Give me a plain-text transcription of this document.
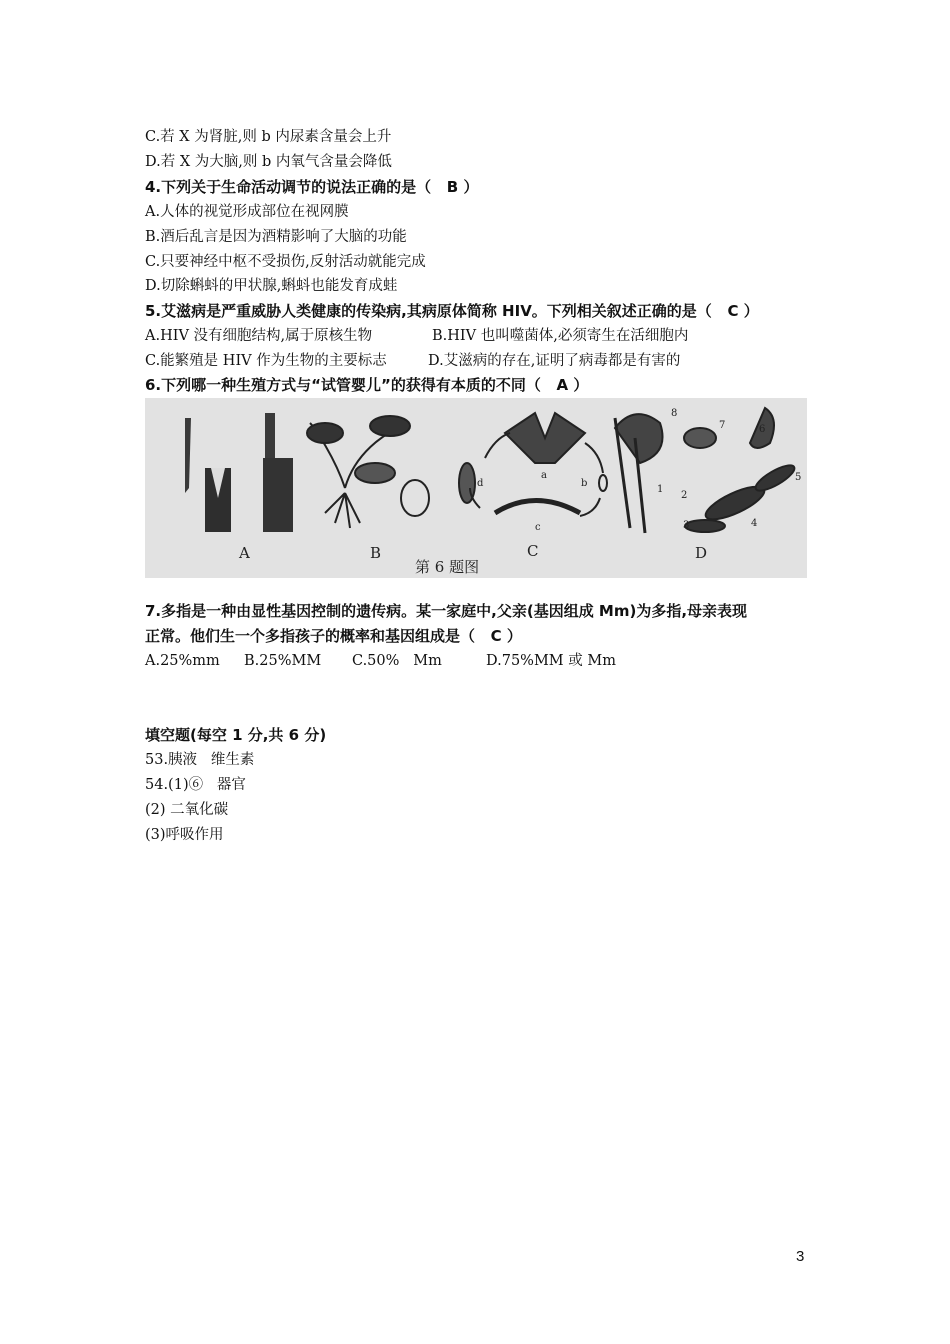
C.若 X 为肾脏,则 b 内尿素含量会上升
D.若 X 为大脑,则 b 内氧气含量会降低
4.下列关于生命活动调节的说法正确的是（   B ）
A.人体的视觉形成部位在视网膜
B.酒后乱言是因为酒精影响了大脑的功能
C.只要神经中枢不受损伤,反射活动就能完成
D.切除蝌蚪的甲状腺,蝌蚪也能发育成蛙
5.艾滋病是严重威胁人类健康的传染病,其病原体简称 HIV。下列相关叙述正确的是（   C ）
A.HIV 没有细胞结构,属于原核生物	B.HIV 也叫噬菌体,必须寄生在活细胞内
C.能繁殖是 HIV 作为生物的主要标志	D.艾滋病的存在,证明了病毒都是有害的
6.下列哪一种生殖方式与“试管婴儿”的获得有本质的不同（   A ）
A	B	C
a
b
c
d
D
1
2
3	4
5
6
7
8
第 6 题图
7.多指是一种由显性基因控制的遗传病。某一家庭中,父亲(基因组成 Mm)为多指,母亲表现
正常。他们生一个多指孩子的概率和基因组成是（   C ）
A.25%mm B.25%MM C.50%   Mm	D.75%MM 或 Mm
填空题(每空 1 分,共 6 分)
53.胰液   维生素
54.(1)⑥   器官
(2) 二氧化碳
(3)呼吸作用
3
